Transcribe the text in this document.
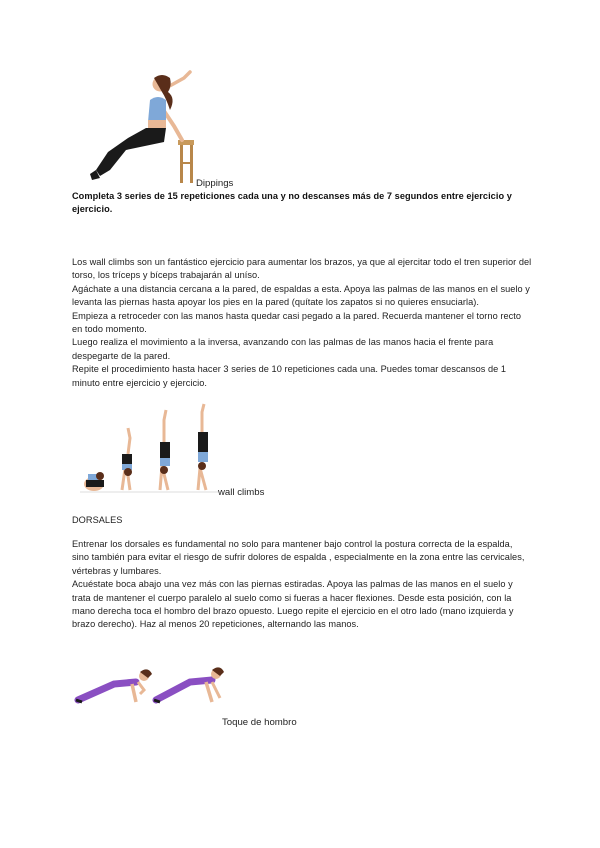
Dippings
Completa 3 series de 15 repeticiones cada una y no descanses más de 7 segundos entre ejercicio y ejercicio.
Los wall climbs son un fantástico ejercicio para aumentar los brazos, ya que al ejercitar todo el tren superior del torso, los tríceps y bíceps trabajarán al uníso.
Agáchate a una distancia cercana a la pared, de espaldas a esta. Apoya las palmas de las manos en el suelo y levanta las piernas hasta apoyar los pies en la pared (quítate los zapatos si no quieres ensuciarla).
Empieza a retroceder con las manos hasta quedar casi pegado a la pared. Recuerda mantener el torno recto en todo momento.
Luego realiza el movimiento a la inversa, avanzando con las palmas de las manos hacia el frente para despegarte de la pared.
Repite el procedimiento hasta hacer 3 series de 10 repeticiones cada una. Puedes tomar descansos de 1 minuto entre ejercicio y ejercicio.
wall climbs
DORSALES
Entrenar los dorsales es fundamental no solo para mantener bajo control la postura correcta de la espalda, sino también para evitar el riesgo de sufrir dolores de espalda , especialmente en la zona entre las cervicales, vértebras y lumbares.
Acuéstate boca abajo una vez más con las piernas estiradas. Apoya las palmas de las manos en el suelo y trata de mantener el cuerpo paralelo al suelo como si fueras a hacer flexiones. Desde esta posición, con la mano derecha toca el hombro del brazo opuesto. Luego repite el ejercicio en el otro lado (mano izquierda y brazo derecho). Haz al menos 20 repeticiones, alternando las manos.
Toque de hombro
